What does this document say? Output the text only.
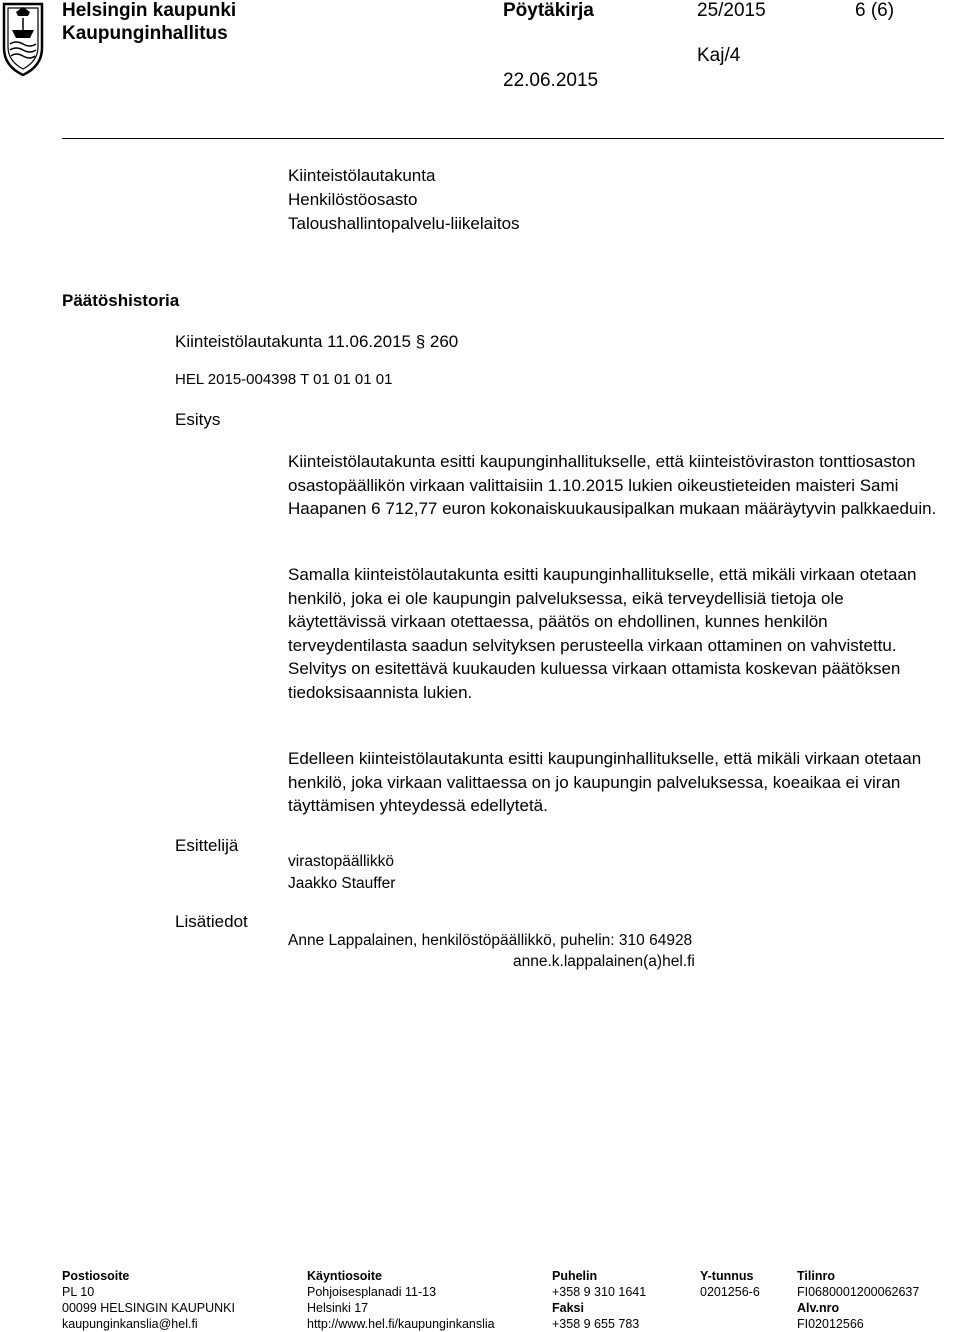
Helsingin kaupunki
Kaupunginhallitus
Pöytäkirja	25/2015	6 (6)
Kaj/4
22.06.2015
Kiinteistölautakunta
Henkilöstöosasto
Taloushallintopalvelu-liikelaitos
Päätöshistoria
Kiinteistölautakunta 11.06.2015 § 260
HEL 2015-004398 T 01 01 01 01
Esitys
Kiinteistölautakunta esitti kaupunginhallitukselle, että kiinteistöviraston tonttiosaston osastopäällikön virkaan valittaisiin 1.10.2015 lukien oikeustieteiden maisteri Sami Haapanen 6 712,77 euron kokonaiskuukausipalkan mukaan määräytyvin palkkaeduin.
Samalla kiinteistölautakunta esitti kaupunginhallitukselle, että mikäli virkaan otetaan henkilö, joka ei ole kaupungin palveluksessa, eikä terveydellisiä tietoja ole käytettävissä virkaan otettaessa, päätös on ehdollinen, kunnes henkilön terveydentilasta saadun selvityksen perusteella virkaan ottaminen on vahvistettu. Selvitys on esitettävä kuukauden kuluessa virkaan ottamista koskevan päätöksen tiedoksisaannista lukien.
Edelleen kiinteistölautakunta esitti kaupunginhallitukselle, että mikäli virkaan otetaan henkilö, joka virkaan valittaessa on jo kaupungin palveluksessa, koeaikaa ei viran täyttämisen yhteydessä edellytetä.
Esittelijä
virastopäällikkö
Jaakko Stauffer
Lisätiedot
Anne Lappalainen, henkilöstöpäällikkö, puhelin: 310 64928
anne.k.lappalainen(a)hel.fi
Postiosoite
PL 10
00099 HELSINGIN KAUPUNKI
kaupunginkanslia@hel.fi
Käyntiosoite
Pohjoisesplanadi 11-13
Helsinki 17
http://www.hel.fi/kaupunginkanslia
Puhelin
+358 9 310 1641
Faksi
+358 9 655 783
Y-tunnus
0201256-6
Tilinro
FI0680001200062637
Alv.nro
FI02012566
